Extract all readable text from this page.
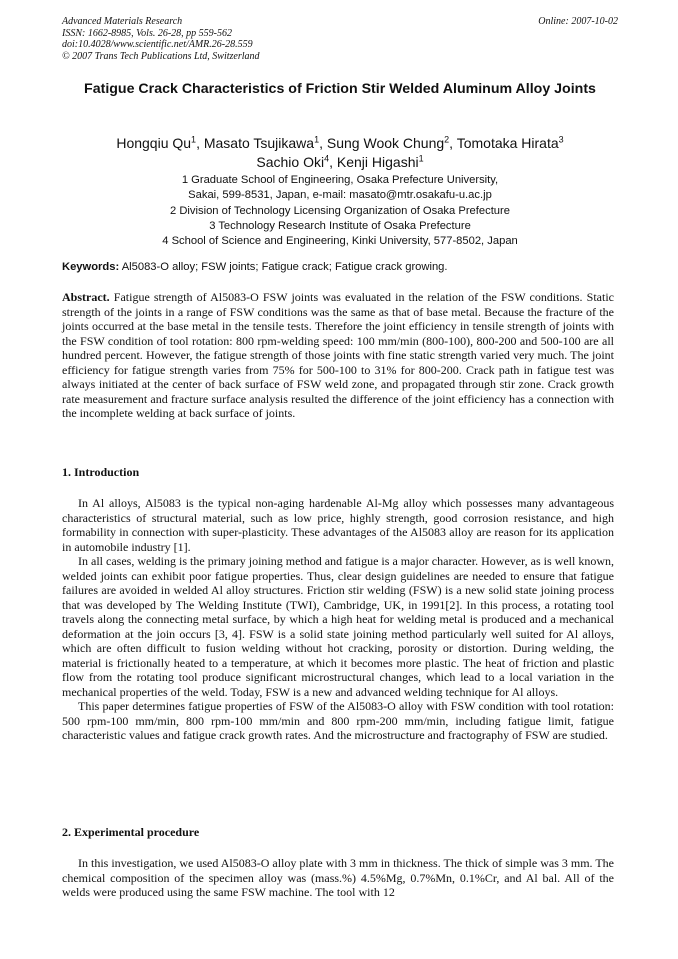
Advanced Materials Research
ISSN: 1662-8985, Vols. 26-28, pp 559-562
doi:10.4028/www.scientific.net/AMR.26-28.559
© 2007 Trans Tech Publications Ltd, Switzerland
Online: 2007-10-02
Fatigue Crack Characteristics of Friction Stir Welded Aluminum Alloy Joints
Hongqiu Qu$^1$, Masato Tsujikawa$^1$, Sung Wook Chung$^2$, Tomotaka Hirata$^3$
Sachio Oki$^4$, Kenji Higashi$^1$
1 Graduate School of Engineering, Osaka Prefecture University,
Sakai, 599-8531, Japan, e-mail: masato@mtr.osakafu-u.ac.jp
2 Division of Technology Licensing Organization of Osaka Prefecture
3 Technology Research Institute of Osaka Prefecture
4 School of Science and Engineering, Kinki University, 577-8502, Japan
Keywords: Al5083-O alloy; FSW joints; Fatigue crack; Fatigue crack growing.

Abstract. Fatigue strength of Al5083-O FSW joints was evaluated in the relation of the FSW conditions. Static strength of the joints in a range of FSW conditions was the same as that of base metal. Because the fracture of the joints occurred at the base metal in the tensile tests. Therefore the joint efficiency in tensile strength of joints with the FSW condition of tool rotation: 800 rpm-welding speed: 100 mm/min (800-100), 800-200 and 500-100 are all hundred percent. However, the fatigue strength of those joints with fine static strength varied very much. The joint efficiency for fatigue strength varies from 75% for 500-100 to 31% for 800-200. Crack path in fatigue test was always initiated at the center of back surface of FSW weld zone, and propagated through stir zone. Crack growth rate measurement and fracture surface analysis resulted the difference of the joint efficiency has a connection with the incomplete welding at back surface of joints.

1. Introduction

In Al alloys, Al5083 is the typical non-aging hardenable Al-Mg alloy which possesses many advantageous characteristics of structural material, such as low price, highly strength, good corrosion resistance, and high formability in connection with super-plasticity. These advantages of the Al5083 alloy are reason for its application in automobile industry [1].

In all cases, welding is the primary joining method and fatigue is a major character. However, as is well known, welded joints can exhibit poor fatigue properties. Thus, clear design guidelines are needed to ensure that fatigue failures are avoided in welded Al alloy structures. Friction stir welding (FSW) is a new solid state joining process that was developed by The Welding Institute (TWI), Cambridge, UK, in 1991[2]. In this process, a rotating tool travels along the connecting metal surface, by which a high heat for welding metal is produced and a mechanical deformation at the join occurs [3, 4]. FSW is a solid state joining method particularly well suited for Al alloys, which are often difficult to fusion welding without hot cracking, porosity or distortion. During welding, the material is frictionally heated to a temperature, at which it becomes more plastic. The heat of friction and plastic flow from the rotating tool produce significant microstructural changes, which lead to a local variation in the mechanical properties of the weld. Today, FSW is a new and advanced welding technique for Al alloys.

This paper determines fatigue properties of FSW of the Al5083-O alloy with FSW condition with tool rotation: 500 rpm-100 mm/min, 800 rpm-100 mm/min and 800 rpm-200 mm/min, including fatigue limit, fatigue characteristic values and fatigue crack growth rates. And the microstructure and fractography of FSW are studied.

2. Experimental procedure

In this investigation, we used Al5083-O alloy plate with 3 mm in thickness. The thick of simple was 3 mm. The chemical composition of the specimen alloy was (mass.%) 4.5%Mg, 0.7%Mn, 0.1%Cr, and Al bal. All of the welds were produced using the same FSW machine. The tool with 12
